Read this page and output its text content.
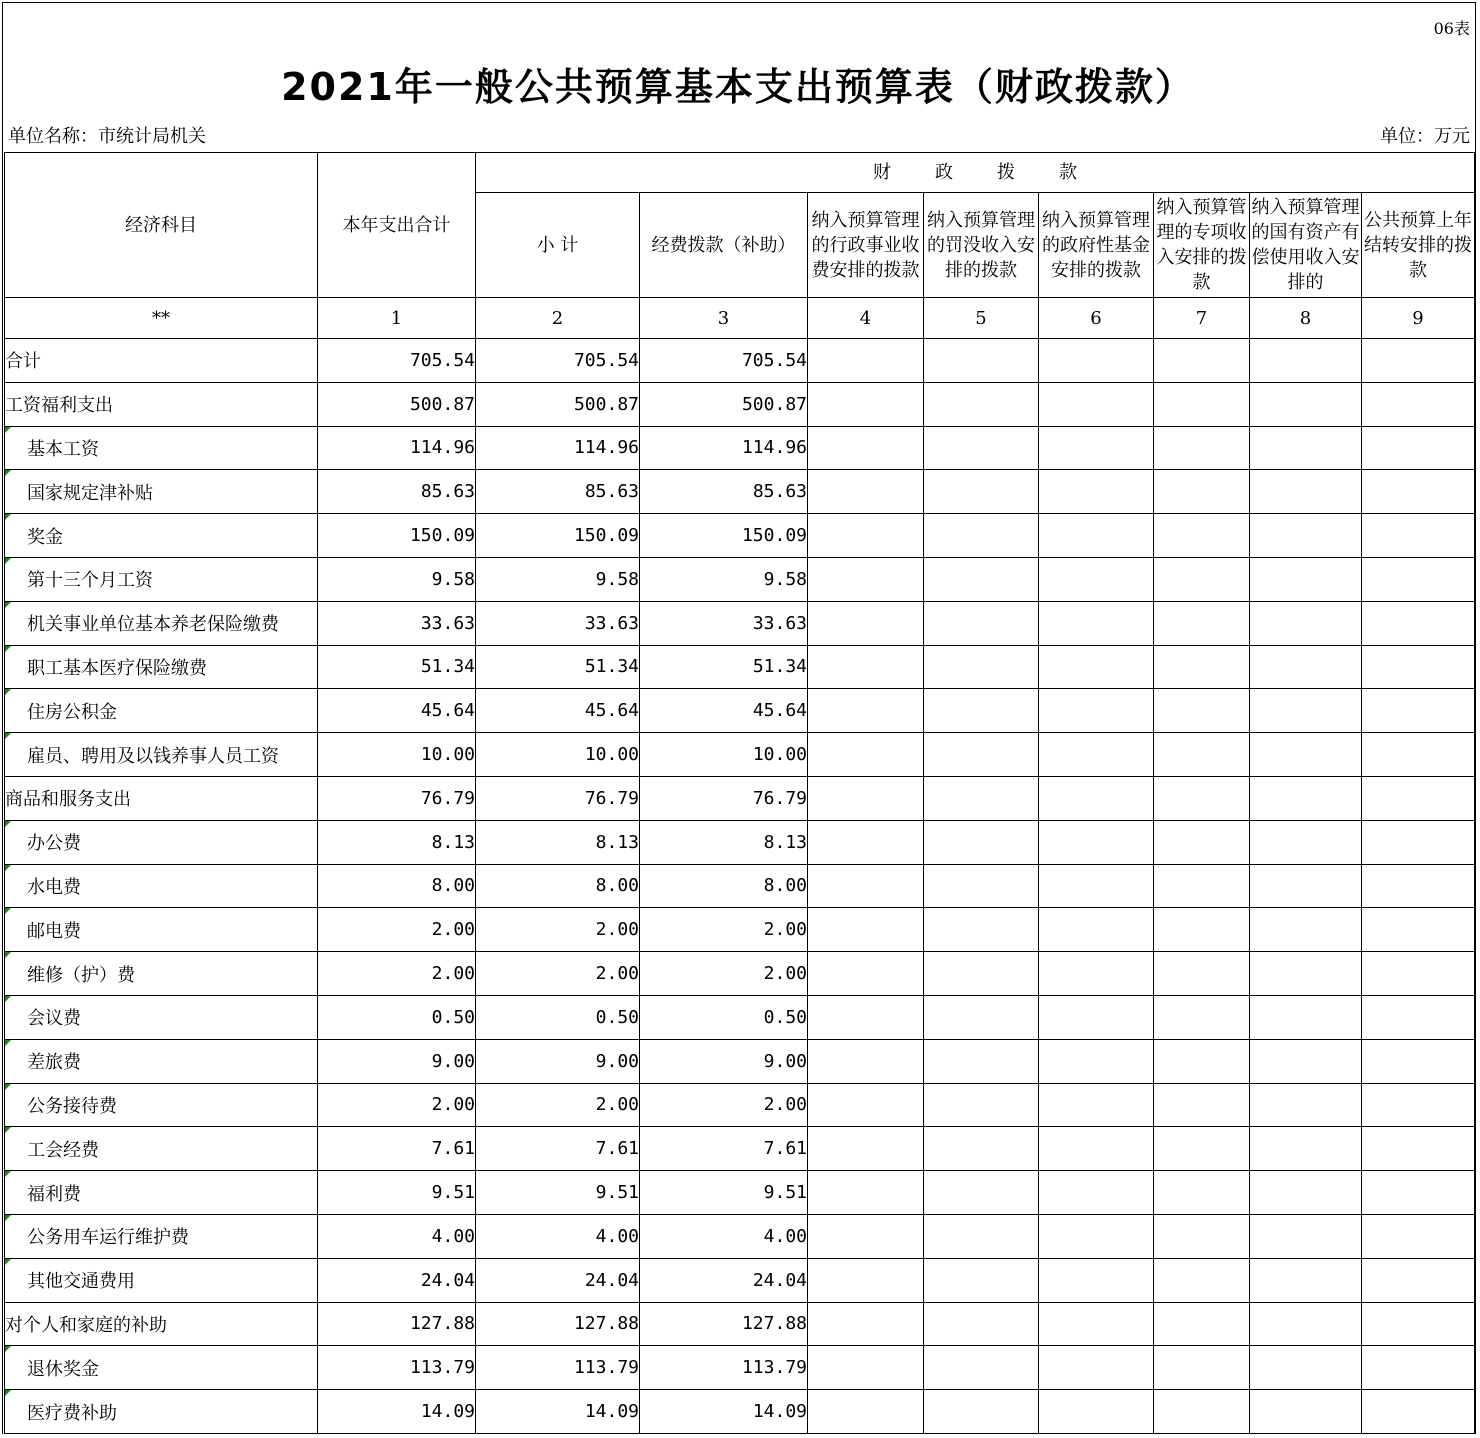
06表
2021年一般公共预算基本支出预算表（财政拨款）
单位名称：市统计局机关	单位：万元
经济科目	本年支出合计	财政拨款							
		小 计	经费拨款（补助）	纳入预算管理的行政事业收费安排的拨款	纳入预算管理的罚没收入安排的拨款	纳入预算管理的政府性基金安排的拨款	纳入预算管理的专项收入安排的拨款	纳入预算管理的国有资产有偿使用收入安排的	公共预算上年结转安排的拨款
**	1	2	3	4	5	6	7	8	9
合计	705.54	705.54	705.54						
工资福利支出	500.87	500.87	500.87						
基本工资	114.96	114.96	114.96						
国家规定津补贴	85.63	85.63	85.63						
奖金	150.09	150.09	150.09						
第十三个月工资	9.58	9.58	9.58						
机关事业单位基本养老保险缴费	33.63	33.63	33.63						
职工基本医疗保险缴费	51.34	51.34	51.34						
住房公积金	45.64	45.64	45.64						
雇员、聘用及以钱养事人员工资	10.00	10.00	10.00						
商品和服务支出	76.79	76.79	76.79						
办公费	8.13	8.13	8.13						
水电费	8.00	8.00	8.00						
邮电费	2.00	2.00	2.00						
维修（护）费	2.00	2.00	2.00						
会议费	0.50	0.50	0.50						
差旅费	9.00	9.00	9.00						
公务接待费	2.00	2.00	2.00						
工会经费	7.61	7.61	7.61						
福利费	9.51	9.51	9.51						
公务用车运行维护费	4.00	4.00	4.00						
其他交通费用	24.04	24.04	24.04						
对个人和家庭的补助	127.88	127.88	127.88						
退休奖金	113.79	113.79	113.79						
医疗费补助	14.09	14.09	14.09						
